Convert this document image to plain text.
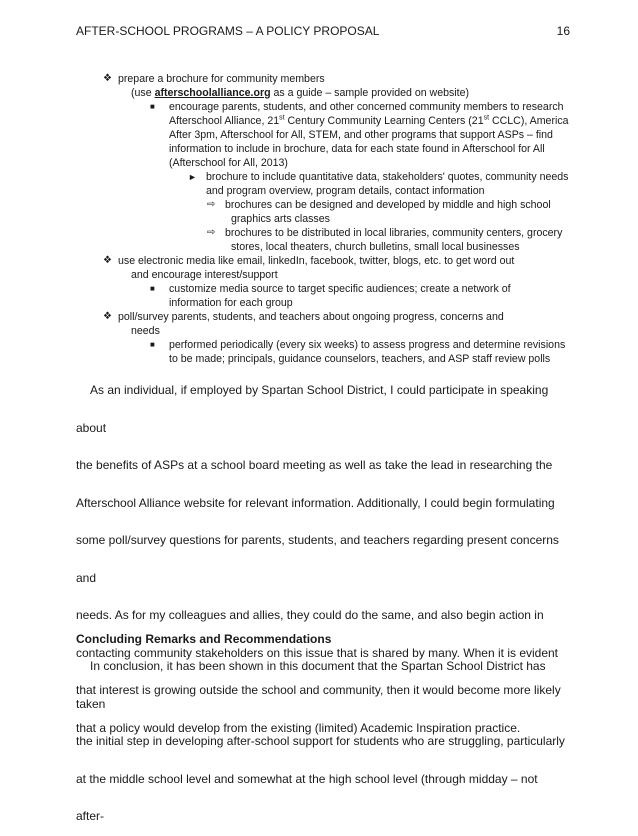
AFTER-SCHOOL PROGRAMS – A POLICY PROPOSAL	16
❖ prepare a brochure for community members
(use afterschoolalliance.org as a guide – sample provided on website)
■ encourage parents, students, and other concerned community members to research
Afterschool Alliance, 21st Century Community Learning Centers (21st CCLC), America
After 3pm, Afterschool for All, STEM, and other programs that support ASPs – find
information to include in brochure, data for each state found in Afterschool for All
(Afterschool for All, 2013)
► brochure to include quantitative data, stakeholders' quotes, community needs
and program overview, program details, contact information
⇨ brochures can be designed and developed by middle and high school
graphics arts classes
⇨ brochures to be distributed in local libraries, community centers, grocery
stores, local theaters, church bulletins, small local businesses
❖ use electronic media like email, linkedIn, facebook, twitter, blogs, etc. to get word out
and encourage interest/support
■ customize media source to target specific audiences; create a network of
information for each group
❖ poll/survey parents, students, and teachers about ongoing progress, concerns and
needs
■ performed periodically (every six weeks) to assess progress and determine revisions
to be made; principals, guidance counselors, teachers, and ASP staff review polls

As an individual, if employed by Spartan School District, I could participate in speaking about

the benefits of ASPs at a school board meeting as well as take the lead in researching the

Afterschool Alliance website for relevant information. Additionally, I could begin formulating

some poll/survey questions for parents, students, and teachers regarding present concerns and

needs. As for my colleagues and allies, they could do the same, and also begin action in

contacting community stakeholders on this issue that is shared by many. When it is evident

that interest is growing outside the school and community, then it would become more likely

that a policy would develop from the existing (limited) Academic Inspiration practice.

Concluding Remarks and Recommendations

In conclusion, it has been shown in this document that the Spartan School District has taken

the initial step in developing after-school support for students who are struggling, particularly

at the middle school level and somewhat at the high school level (through midday – not after-
